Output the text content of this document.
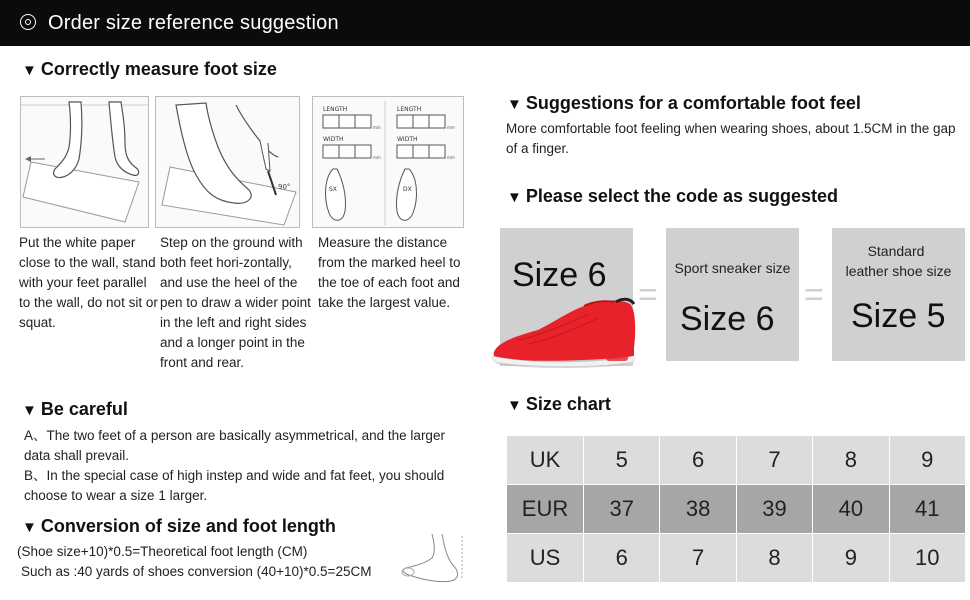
Order size reference suggestion
▼ Correctly measure foot size
90°
LENGTH	LENGTH
mm	mm
WIDTH	WIDTH
mm	mm
SX	DX
Put the white paper close to the wall, stand with your feet parallel to the wall, do not sit or squat.
Step on the ground with both feet hori-zontally, and use the heel of the pen to draw a wider point in the left and right sides and a longer point in the front and rear.
Measure the distance from the marked heel to the toe of each foot and take the largest value.
▼ Be careful
A、The two feet of a person are basically asymmetrical, and the larger data shall prevail.
B、In the special case of high instep and wide and fat feet, you should choose to wear a size 1 larger.
▼ Conversion of size and foot length
(Shoe size+10)*0.5=Theoretical foot length (CM)
Such as :40 yards of shoes conversion (40+10)*0.5=25CM
▼ Suggestions for a comfortable foot feel
More comfortable foot feeling when wearing shoes, about 1.5CM in the gap of a finger.
▼ Please select the code as suggested
Size 6
=
Sport sneaker size
Size 6
=
Standard
leather shoe size
Size 5
▼ Size chart
UK	5	6	7	8	9
EUR	37	38	39	40	41
US	6	7	8	9	10
